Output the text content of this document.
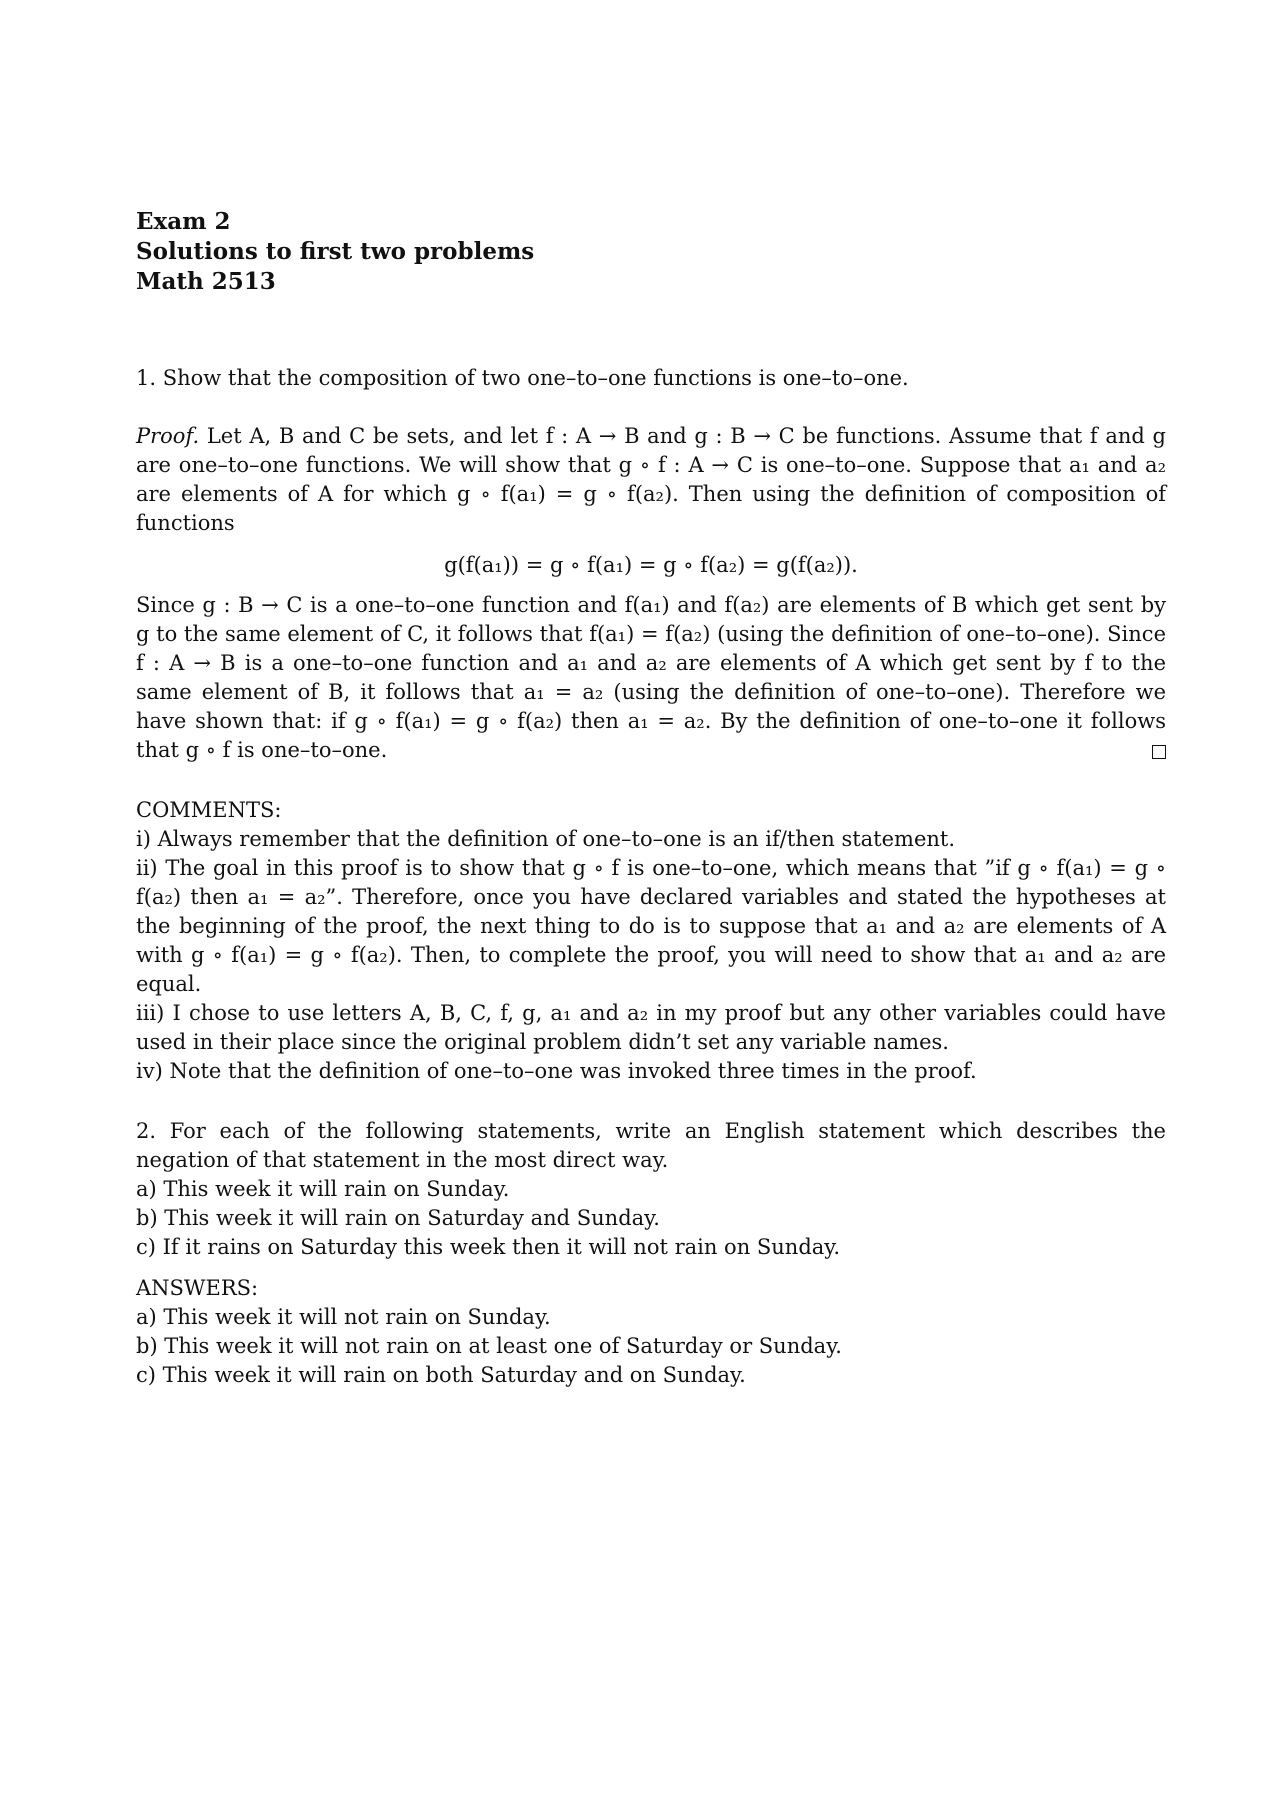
Exam 2
Solutions to first two problems
Math 2513

1. Show that the composition of two one–to–one functions is one–to–one.

Proof. Let A, B and C be sets, and let f : A → B and g : B → C be functions. Assume that f and g are one–to–one functions. We will show that g ∘ f : A → C is one–to–one. Suppose that a₁ and a₂ are elements of A for which g ∘ f(a₁) = g ∘ f(a₂). Then using the definition of composition of functions

g(f(a₁)) = g ∘ f(a₁) = g ∘ f(a₂) = g(f(a₂)).

Since g : B → C is a one–to–one function and f(a₁) and f(a₂) are elements of B which get sent by g to the same element of C, it follows that f(a₁) = f(a₂) (using the definition of one–to–one). Since f : A → B is a one–to–one function and a₁ and a₂ are elements of A which get sent by f to the same element of B, it follows that a₁ = a₂ (using the definition of one–to–one). Therefore we have shown that: if g ∘ f(a₁) = g ∘ f(a₂) then a₁ = a₂. By the definition of one–to–one it follows that g ∘ f is one–to–one.

COMMENTS:

i) Always remember that the definition of one–to–one is an if/then statement.

ii) The goal in this proof is to show that g ∘ f is one–to–one, which means that ”if g ∘ f(a₁) = g ∘ f(a₂) then a₁ = a₂”. Therefore, once you have declared variables and stated the hypotheses at the beginning of the proof, the next thing to do is to suppose that a₁ and a₂ are elements of A with g ∘ f(a₁) = g ∘ f(a₂). Then, to complete the proof, you will need to show that a₁ and a₂ are equal.

iii) I chose to use letters A, B, C, f, g, a₁ and a₂ in my proof but any other variables could have used in their place since the original problem didn’t set any variable names.

iv) Note that the definition of one–to–one was invoked three times in the proof.

2. For each of the following statements, write an English statement which describes the negation of that statement in the most direct way.

a) This week it will rain on Sunday.
b) This week it will rain on Saturday and Sunday.
c) If it rains on Saturday this week then it will not rain on Sunday.
ANSWERS:
a) This week it will not rain on Sunday.
b) This week it will not rain on at least one of Saturday or Sunday.
c) This week it will rain on both Saturday and on Sunday.
